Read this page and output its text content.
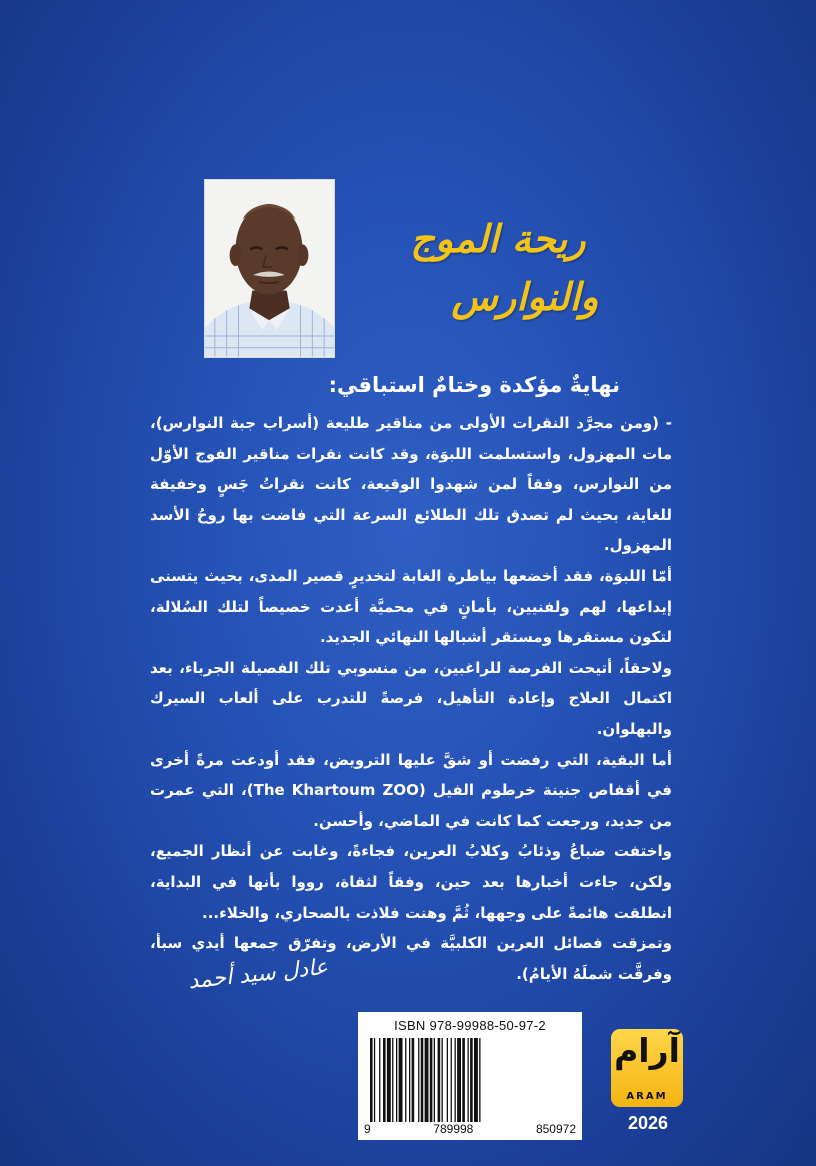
ريحة الموج
والنوارس
نهايةٌ مؤكدة وختامٌ استباقي:

- (ومن مجرَّد النقرات الأولى من مناقير طليعة (أسراب جبة النوارس)، مات المهزول، واستسلمت اللبوَة، وقد كانت نقرات مناقير الفوج الأوّل من النوارس، وفقاً لمن شهدوا الوقيعة، كانت نقراتُ جَسٍ وخفيفة للغاية، بحيث لم تصدق تلك الطلائع السرعة التي فاضت بها روحُ الأسد المهزول.

أمّا اللبوَة، فقد أخضعها بياطرة الغابة لتخديرٍ قصير المدى، بحيث يتسنى إيداعها، لهم ولفنيين، بأمانٍ في محميَّة أعدت خصيصاً لتلك السُلالة، لتكون مستقرها ومستقر أشبالها النهائي الجديد.

ولاحقاً، أتيحت الفرصة للراغبين، من منسوبي تلك الفصيلة الجرباء، بعد اكتمال العلاج وإعادة التأهيل، فرصةً للتدرب على ألعاب السيرك والبهلوان.

أما البقية، التي رفضت أو شقَّ عليها الترويض، فقد أودعت مرةً أخرى في أقفاص جنينة خرطوم الفيل (The Khartoum ZOO)، التي عمرت من جديد، ورجعت كما كانت في الماضي، وأحسن.

واختفت ضباعُ وذئابُ وكلابُ العرين، فجاءةً، وغابت عن أنظار الجميع، ولكن، جاءت أخبارها بعد حين، وفقاً لثقاة، رووا بأنها في البداية، انطلقت هائمةً على وجهها، ثُمَّ وهنت فلاذت بالصحاري، والخلاء...

وتمزقت فصائل العرين الكلبيَّة في الأرض، وتفرّق جمعها أيدي سبأ، وفرقَّت شملَهُ الأيامُ).

عادل سيد أحمد
ISBN 978-99988-50-97-2
9	789998	850972
آرام
ARAM
2026
